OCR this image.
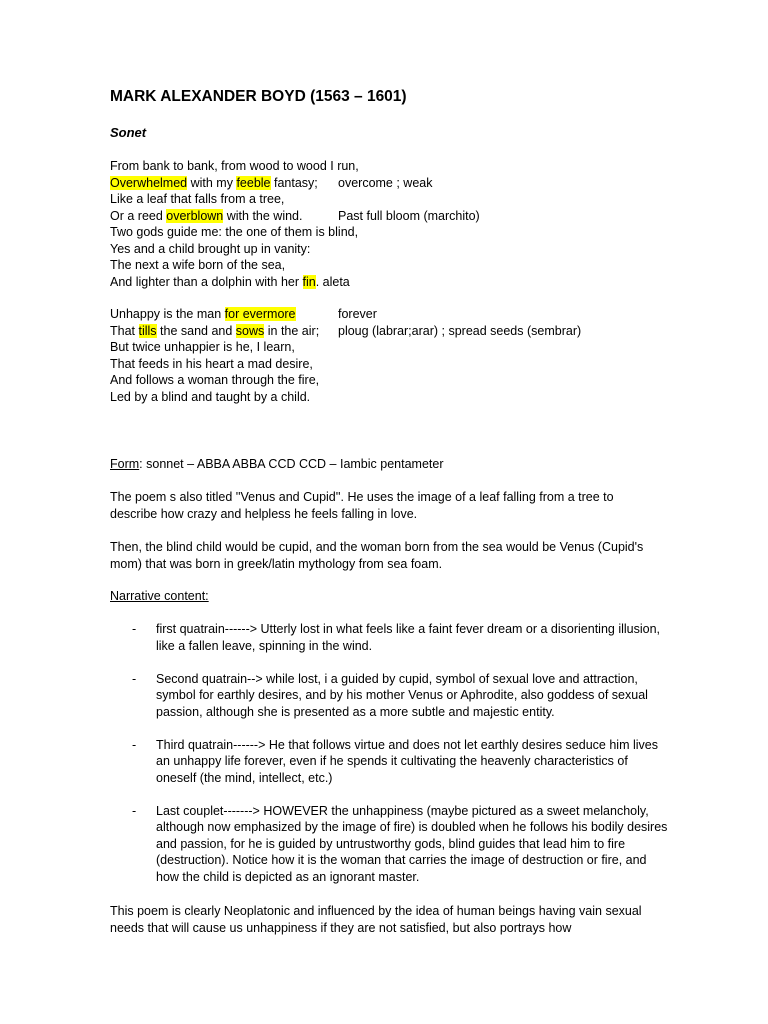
MARK ALEXANDER BOYD (1563 – 1601)
Sonet
From bank to bank, from wood to wood I run,
Overwhelmed with my feeble fantasy; overcome ; weak
Like a leaf that falls from a tree,
Or a reed overblown with the wind.	Past full bloom (marchito)
Two gods guide me: the one of them is blind,
Yes and a child brought up in vanity:
The next a wife born of the sea,
And lighter than a dolphin with her fin. aleta
Unhappy is the man for evermore	forever
That tills the sand and sows in the air; ploug (labrar;arar) ; spread seeds (sembrar)
But twice unhappier is he, I learn,
That feeds in his heart a mad desire,
And follows a woman through the fire,
Led by a blind and taught by a child.
Form: sonnet – ABBA ABBA CCD CCD – Iambic pentameter
The poem s also titled ''Venus and Cupid''. He uses the image of a leaf falling from a tree to describe how crazy and helpless he feels falling in love.
Then, the blind child would be cupid, and the woman born from the sea would be Venus (Cupid's mom) that was born in greek/latin mythology from sea foam.
Narrative content:
- first quatrain------> Utterly lost in what feels like a faint fever dream or a disorienting illusion, like a fallen leave, spinning in the wind.
- Second quatrain--> while lost, i a guided by cupid, symbol of sexual love and attraction, symbol for earthly desires, and by his mother Venus or Aphrodite, also goddess of sexual passion, although she is presented as a more subtle and majestic entity.
- Third quatrain------> He that follows virtue and does not let earthly desires seduce him lives an unhappy life forever, even if he spends it cultivating the heavenly characteristics of oneself (the mind, intellect, etc.)
- Last couplet-------> HOWEVER the unhappiness (maybe pictured as a sweet melancholy, although now emphasized by the image of fire) is doubled when he follows his bodily desires and passion, for he is guided by untrustworthy gods, blind guides that lead him to fire (destruction). Notice how it is the woman that carries the image of destruction or fire, and how the child is depicted as an ignorant master.
This poem is clearly Neoplatonic and influenced by the idea of human beings having vain sexual needs that will cause us unhappiness if they are not satisfied, but also portrays how
